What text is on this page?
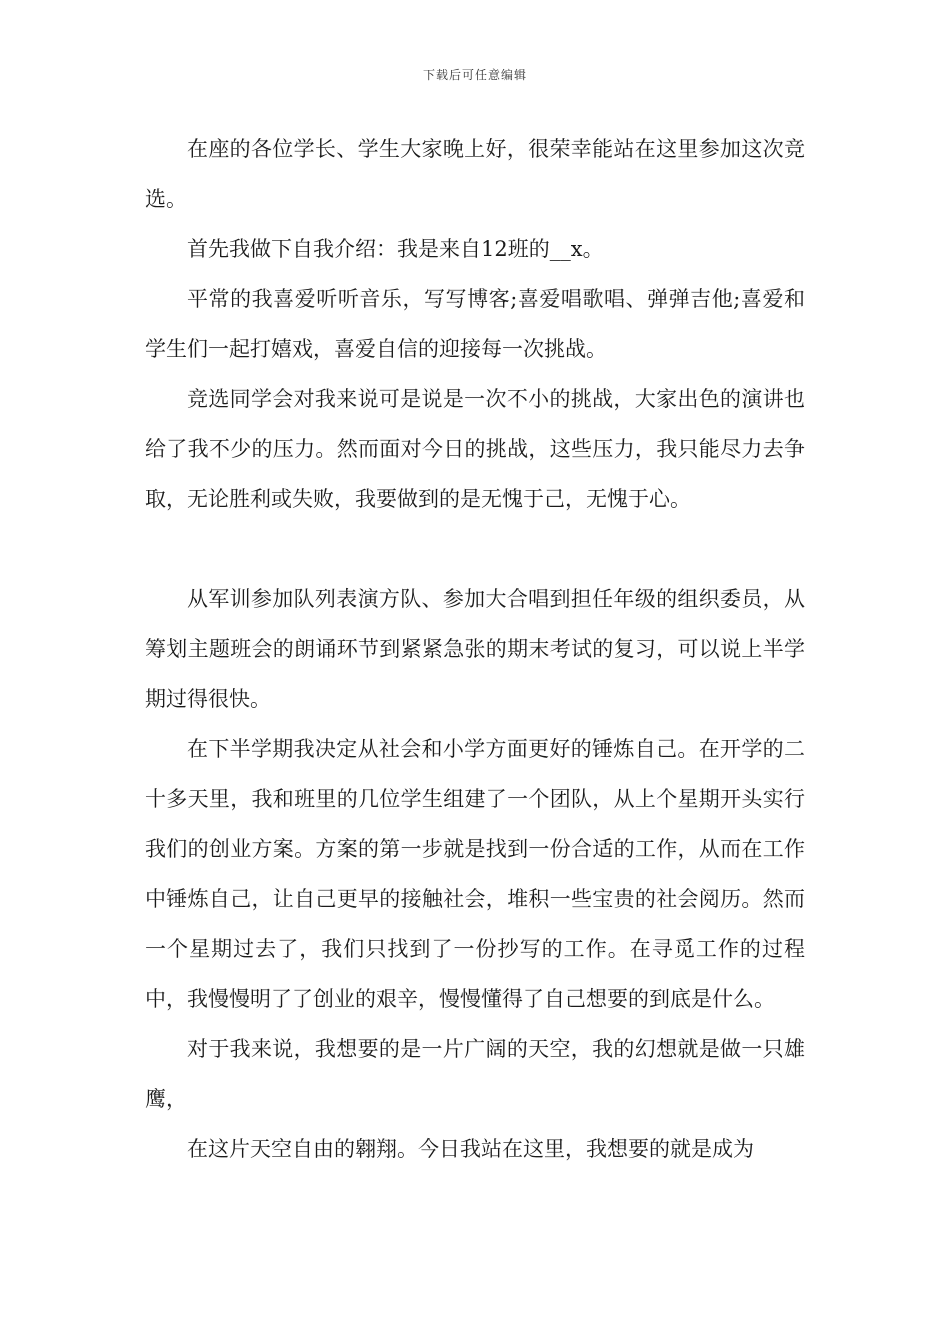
下载后可任意编辑

在座的各位学长、学生大家晚上好，很荣幸能站在这里参加这次竞选。

首先我做下自我介绍：我是来自12班的__x。

平常的我喜爱听听音乐，写写博客;喜爱唱歌唱、弹弹吉他;喜爱和学生们一起打嬉戏，喜爱自信的迎接每一次挑战。

竞选同学会对我来说可是说是一次不小的挑战，大家出色的演讲也给了我不少的压力。然而面对今日的挑战，这些压力，我只能尽力去争取，无论胜利或失败，我要做到的是无愧于己，无愧于心。

从军训参加队列表演方队、参加大合唱到担任年级的组织委员，从筹划主题班会的朗诵环节到紧紧急张的期末考试的复习，可以说上半学期过得很快。

在下半学期我决定从社会和小学方面更好的锤炼自己。在开学的二十多天里，我和班里的几位学生组建了一个团队，从上个星期开头实行我们的创业方案。方案的第一步就是找到一份合适的工作，从而在工作中锤炼自己，让自己更早的接触社会，堆积一些宝贵的社会阅历。然而一个星期过去了，我们只找到了一份抄写的工作。在寻觅工作的过程中，我慢慢明了了创业的艰辛，慢慢懂得了自己想要的到底是什么。

对于我来说，我想要的是一片广阔的天空，我的幻想就是做一只雄鹰，

在这片天空自由的翱翔。今日我站在这里，我想要的就是成为
